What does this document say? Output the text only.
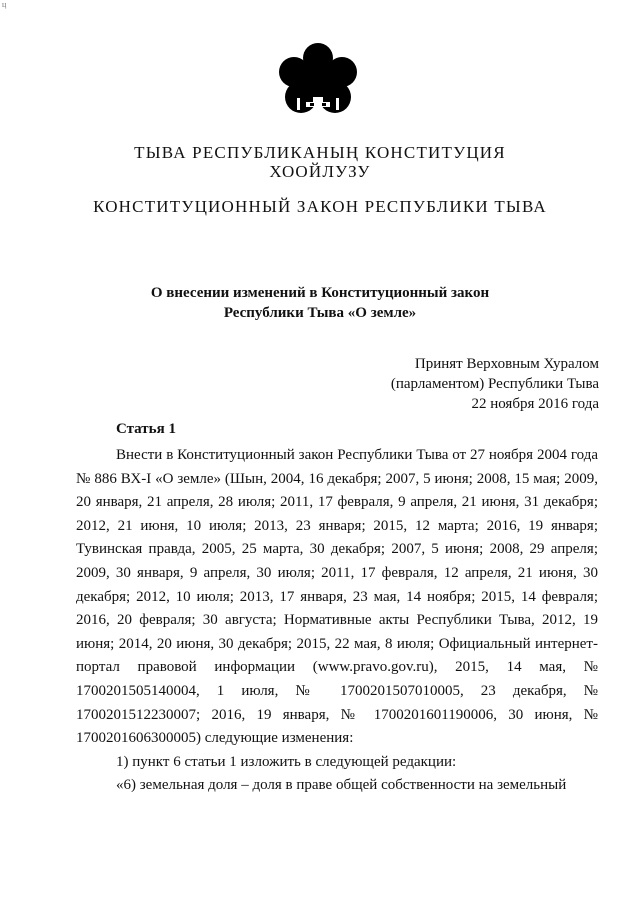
ц
ТЫВА РЕСПУБЛИКАНЫҢ КОНСТИТУЦИЯ
ХООЙЛУЗУ
КОНСТИТУЦИОННЫЙ ЗАКОН РЕСПУБЛИКИ ТЫВА
О внесении изменений в Конституционный закон
Республики Тыва «О земле»
Принят Верховным Хуралом
(парламентом) Республики Тыва
22 ноября 2016 года
Статья 1

Внести в Конституционный закон Республики Тыва от 27 ноября 2004 года № 886 ВХ-I «О земле» (Шын, 2004, 16 декабря; 2007, 5 июня; 2008, 15 мая; 2009, 20 января, 21 апреля, 28 июля; 2011, 17 февраля, 9 апреля, 21 июня, 31 декабря; 2012, 21 июня, 10 июля; 2013, 23 января; 2015, 12 марта; 2016, 19 января; Тувинская правда, 2005, 25 марта, 30 декабря; 2007, 5 июня; 2008, 29 апреля; 2009, 30 января, 9 апреля, 30 июля; 2011, 17 февраля, 12 апреля, 21 июня, 30 декабря; 2012, 10 июля; 2013, 17 января, 23 мая, 14 ноября; 2015, 14 февраля; 2016, 20 февраля; 30 августа; Нормативные акты Республики Тыва, 2012, 19 июня; 2014, 20 июня, 30 декабря; 2015, 22 мая, 8 июля; Официальный интернет-портал правовой информации (www.pravo.gov.ru), 2015, 14 мая, № 1700201505140004, 1 июля, № 1700201507010005, 23 декабря, № 1700201512230007; 2016, 19 января, № 1700201601190006, 30 июня, № 1700201606300005) следующие изменения:

1) пункт 6 статьи 1 изложить в следующей редакции:

«6) земельная доля – доля в праве общей собственности на земельный
